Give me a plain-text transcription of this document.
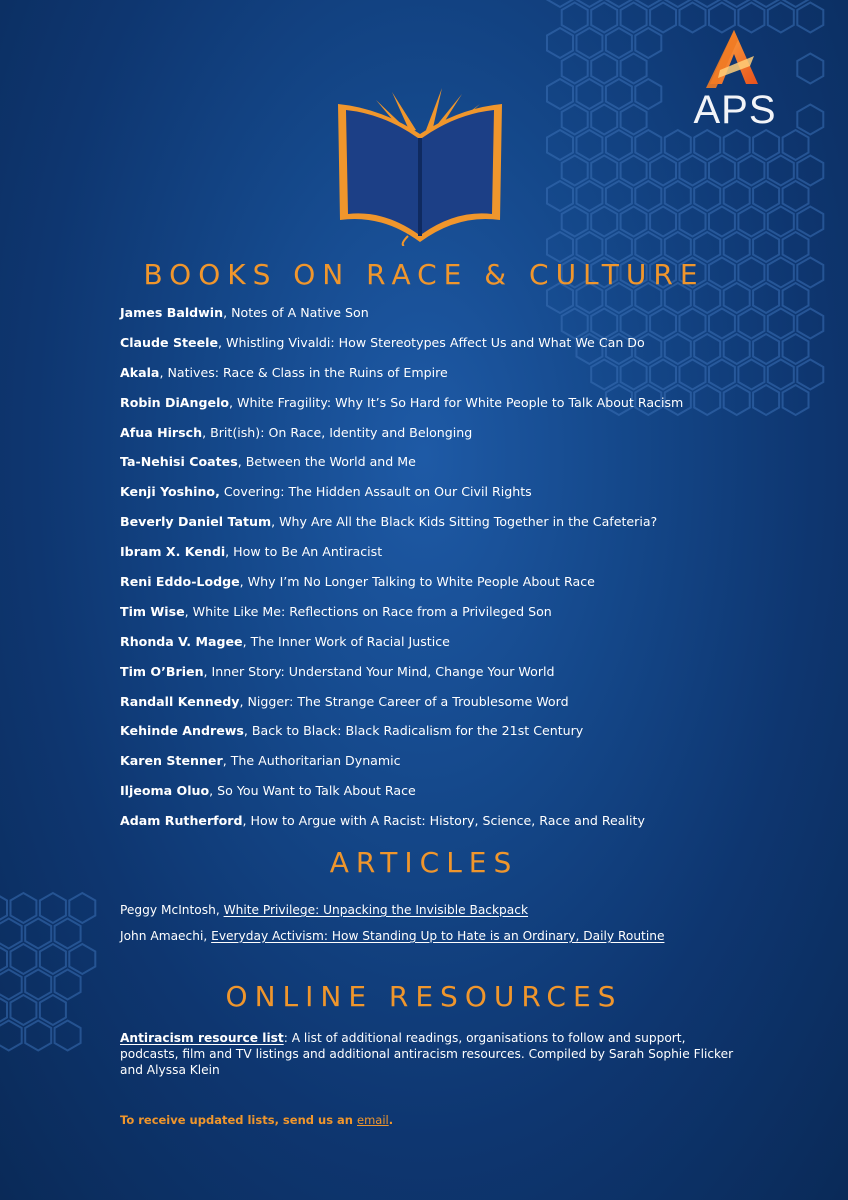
APS
BOOKS ON RACE & CULTURE
James Baldwin, Notes of A Native Son
Claude Steele, Whistling Vivaldi: How Stereotypes Affect Us and What We Can Do
Akala, Natives: Race & Class in the Ruins of Empire
Robin DiAngelo, White Fragility: Why It’s So Hard for White People to Talk About Racism
Afua Hirsch, Brit(ish): On Race, Identity and Belonging
Ta-Nehisi Coates, Between the World and Me
Kenji Yoshino, Covering: The Hidden Assault on Our Civil Rights
Beverly Daniel Tatum, Why Are All the Black Kids Sitting Together in the Cafeteria?
Ibram X. Kendi, How to Be An Antiracist
Reni Eddo-Lodge, Why I’m No Longer Talking to White People About Race
Tim Wise, White Like Me: Reflections on Race from a Privileged Son
Rhonda V. Magee, The Inner Work of Racial Justice
Tim O’Brien, Inner Story: Understand Your Mind, Change Your World
Randall Kennedy, Nigger: The Strange Career of a Troublesome Word
Kehinde Andrews, Back to Black: Black Radicalism for the 21st Century
Karen Stenner, The Authoritarian Dynamic
Iljeoma Oluo, So You Want to Talk About Race
Adam Rutherford, How to Argue with A Racist: History, Science, Race and Reality
ARTICLES
Peggy McIntosh, White Privilege: Unpacking the Invisible Backpack
John Amaechi, Everyday Activism: How Standing Up to Hate is an Ordinary, Daily Routine
ONLINE RESOURCES
Antiracism resource list: A list of additional readings, organisations to follow and support, podcasts, film and TV listings and additional antiracism resources. Compiled by Sarah Sophie Flicker and Alyssa Klein
To receive updated lists, send us an email.
